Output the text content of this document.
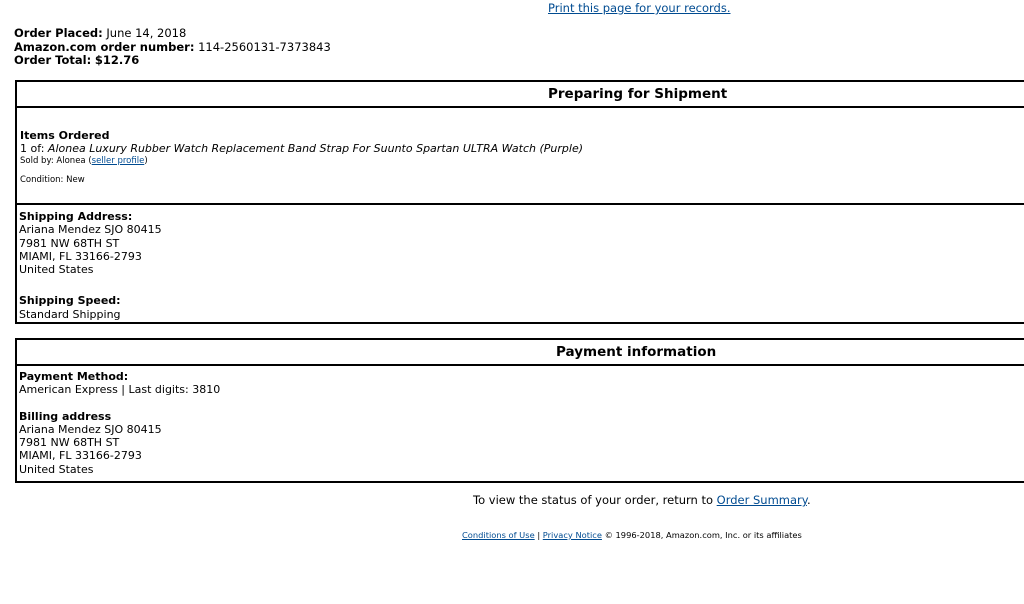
Print this page for your records.
Order Placed: June 14, 2018
Amazon.com order number: 114-2560131-7373843
Order Total: $12.76
Preparing for Shipment
Items Ordered
1 of: Alonea Luxury Rubber Watch Replacement Band Strap For Suunto Spartan ULTRA Watch (Purple)
Sold by: Alonea (seller profile)
Condition: New
Shipping Address:
Ariana Mendez SJO 80415
7981 NW 68TH ST
MIAMI, FL 33166-2793
United States
Shipping Speed:
Standard Shipping
Payment information
Payment Method:
American Express | Last digits: 3810
Billing address
Ariana Mendez SJO 80415
7981 NW 68TH ST
MIAMI, FL 33166-2793
United States
To view the status of your order, return to Order Summary.
Conditions of Use | Privacy Notice © 1996-2018, Amazon.com, Inc. or its affiliates
